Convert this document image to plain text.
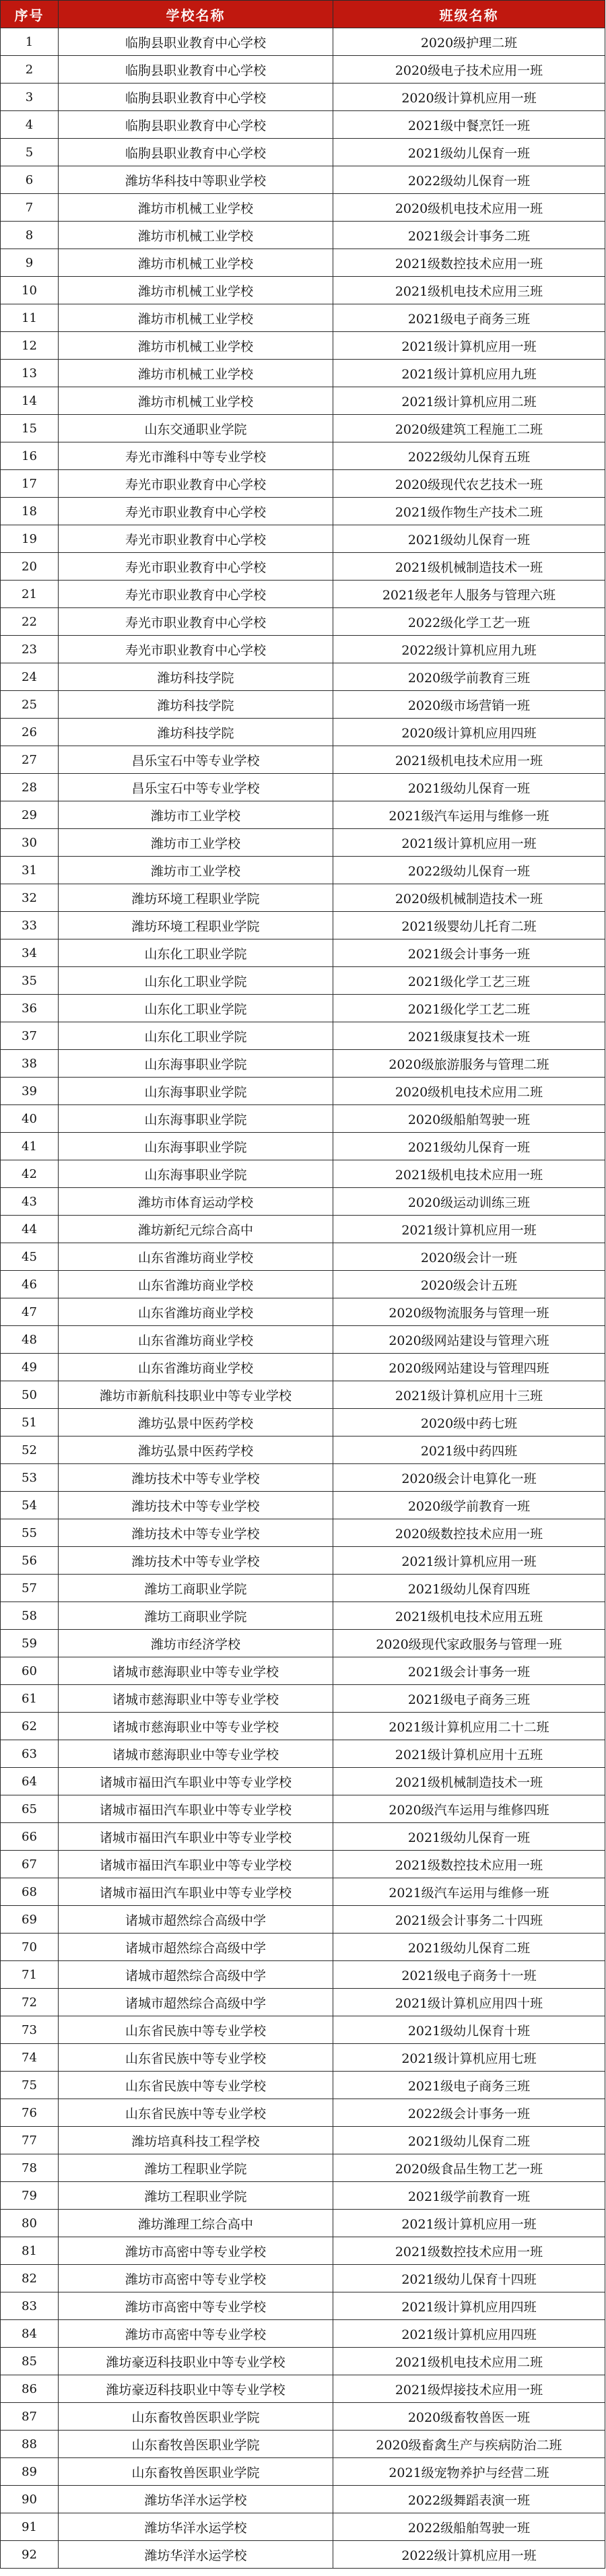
序号	学校名称	班级名称
1	临朐县职业教育中心学校	2020级护理二班
2	临朐县职业教育中心学校	2020级电子技术应用一班
3	临朐县职业教育中心学校	2020级计算机应用一班
4	临朐县职业教育中心学校	2021级中餐烹饪一班
5	临朐县职业教育中心学校	2021级幼儿保育一班
6	潍坊华科技中等职业学校	2022级幼儿保育一班
7	潍坊市机械工业学校	2020级机电技术应用一班
8	潍坊市机械工业学校	2021级会计事务二班
9	潍坊市机械工业学校	2021级数控技术应用一班
10	潍坊市机械工业学校	2021级机电技术应用三班
11	潍坊市机械工业学校	2021级电子商务三班
12	潍坊市机械工业学校	2021级计算机应用一班
13	潍坊市机械工业学校	2021级计算机应用九班
14	潍坊市机械工业学校	2021级计算机应用二班
15	山东交通职业学院	2020级建筑工程施工二班
16	寿光市潍科中等专业学校	2022级幼儿保育五班
17	寿光市职业教育中心学校	2020级现代农艺技术一班
18	寿光市职业教育中心学校	2021级作物生产技术二班
19	寿光市职业教育中心学校	2021级幼儿保育一班
20	寿光市职业教育中心学校	2021级机械制造技术一班
21	寿光市职业教育中心学校	2021级老年人服务与管理六班
22	寿光市职业教育中心学校	2022级化学工艺一班
23	寿光市职业教育中心学校	2022级计算机应用九班
24	潍坊科技学院	2020级学前教育三班
25	潍坊科技学院	2020级市场营销一班
26	潍坊科技学院	2020级计算机应用四班
27	昌乐宝石中等专业学校	2021级机电技术应用一班
28	昌乐宝石中等专业学校	2021级幼儿保育一班
29	潍坊市工业学校	2021级汽车运用与维修一班
30	潍坊市工业学校	2021级计算机应用一班
31	潍坊市工业学校	2022级幼儿保育一班
32	潍坊环境工程职业学院	2020级机械制造技术一班
33	潍坊环境工程职业学院	2021级婴幼儿托育二班
34	山东化工职业学院	2021级会计事务一班
35	山东化工职业学院	2021级化学工艺三班
36	山东化工职业学院	2021级化学工艺二班
37	山东化工职业学院	2021级康复技术一班
38	山东海事职业学院	2020级旅游服务与管理二班
39	山东海事职业学院	2020级机电技术应用二班
40	山东海事职业学院	2020级船舶驾驶一班
41	山东海事职业学院	2021级幼儿保育一班
42	山东海事职业学院	2021级机电技术应用一班
43	潍坊市体育运动学校	2020级运动训练三班
44	潍坊新纪元综合高中	2021级计算机应用一班
45	山东省潍坊商业学校	2020级会计一班
46	山东省潍坊商业学校	2020级会计五班
47	山东省潍坊商业学校	2020级物流服务与管理一班
48	山东省潍坊商业学校	2020级网站建设与管理六班
49	山东省潍坊商业学校	2020级网站建设与管理四班
50	潍坊市新航科技职业中等专业学校	2021级计算机应用十三班
51	潍坊弘景中医药学校	2020级中药七班
52	潍坊弘景中医药学校	2021级中药四班
53	潍坊技术中等专业学校	2020级会计电算化一班
54	潍坊技术中等专业学校	2020级学前教育一班
55	潍坊技术中等专业学校	2020级数控技术应用一班
56	潍坊技术中等专业学校	2021级计算机应用一班
57	潍坊工商职业学院	2021级幼儿保育四班
58	潍坊工商职业学院	2021级机电技术应用五班
59	潍坊市经济学校	2020级现代家政服务与管理一班
60	诸城市慈海职业中等专业学校	2021级会计事务一班
61	诸城市慈海职业中等专业学校	2021级电子商务三班
62	诸城市慈海职业中等专业学校	2021级计算机应用二十二班
63	诸城市慈海职业中等专业学校	2021级计算机应用十五班
64	诸城市福田汽车职业中等专业学校	2021级机械制造技术一班
65	诸城市福田汽车职业中等专业学校	2020级汽车运用与维修四班
66	诸城市福田汽车职业中等专业学校	2021级幼儿保育一班
67	诸城市福田汽车职业中等专业学校	2021级数控技术应用一班
68	诸城市福田汽车职业中等专业学校	2021级汽车运用与维修一班
69	诸城市超然综合高级中学	2021级会计事务二十四班
70	诸城市超然综合高级中学	2021级幼儿保育二班
71	诸城市超然综合高级中学	2021级电子商务十一班
72	诸城市超然综合高级中学	2021级计算机应用四十班
73	山东省民族中等专业学校	2021级幼儿保育十班
74	山东省民族中等专业学校	2021级计算机应用七班
75	山东省民族中等专业学校	2021级电子商务三班
76	山东省民族中等专业学校	2022级会计事务一班
77	潍坊培真科技工程学校	2021级幼儿保育二班
78	潍坊工程职业学院	2020级食品生物工艺一班
79	潍坊工程职业学院	2021级学前教育一班
80	潍坊潍理工综合高中	2021级计算机应用一班
81	潍坊市高密中等专业学校	2021级数控技术应用一班
82	潍坊市高密中等专业学校	2021级幼儿保育十四班
83	潍坊市高密中等专业学校	2021级计算机应用四班
84	潍坊市高密中等专业学校	2021级计算机应用四班
85	潍坊豪迈科技职业中等专业学校	2021级机电技术应用二班
86	潍坊豪迈科技职业中等专业学校	2021级焊接技术应用一班
87	山东畜牧兽医职业学院	2020级畜牧兽医一班
88	山东畜牧兽医职业学院	2020级畜禽生产与疾病防治二班
89	山东畜牧兽医职业学院	2021级宠物养护与经营二班
90	潍坊华洋水运学校	2022级舞蹈表演一班
91	潍坊华洋水运学校	2022级船舶驾驶一班
92	潍坊华洋水运学校	2022级计算机应用一班
